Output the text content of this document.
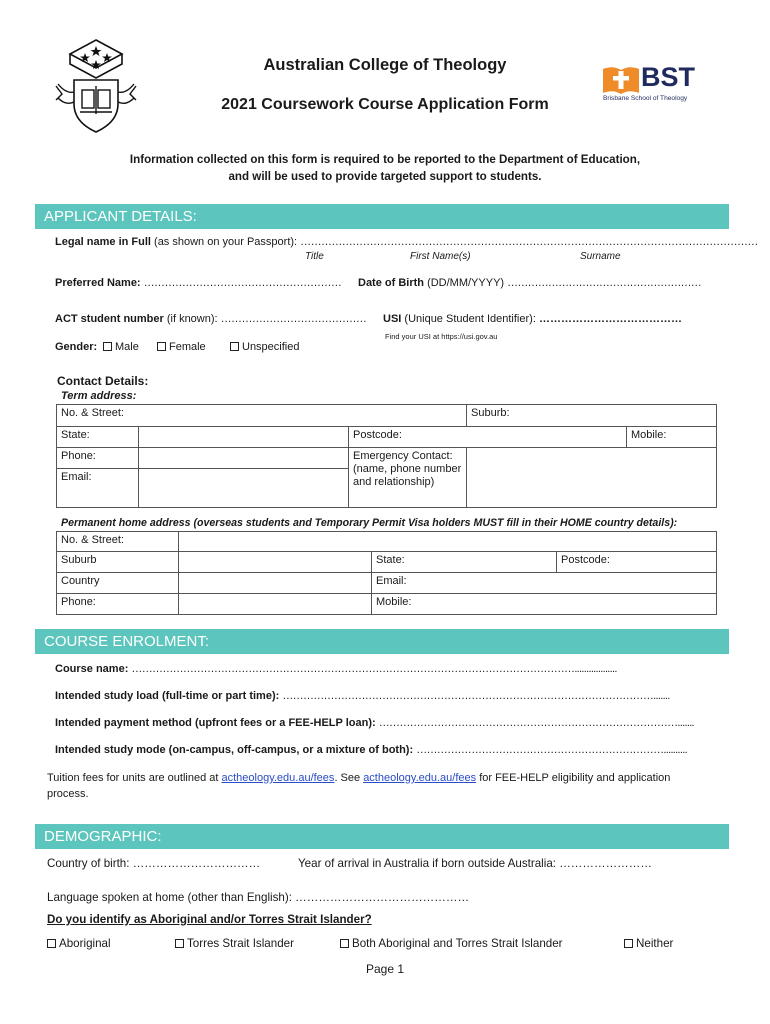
Australian College of Theology
2021 Coursework Course Application Form
BST
Brisbane School of Theology
Information collected on this form is required to be reported to the Department of Education,
and will be used to provide targeted support to students.
APPLICANT DETAILS:
Legal name in Full (as shown on your Passport): ……………………………………………………………………………………………………………………
Title	First Name(s)	Surname
Preferred Name: ………………………………………………… Date of Birth (DD/MM/YYYY) …………………………………………………
ACT student number (if known): …………………………………… USI (Unique Student Identifier): …………………………………
Find your USI at https://usi.gov.au
Gender:	Male	Female	Unspecified
Contact Details:
Term address:
No. & Street:			Suburb:	
State:		Postcode:		Mobile:
Phone:		Emergency Contact: (name, phone number and relationship)		
Email:				
Permanent home address (overseas students and Temporary Permit Visa holders MUST fill in their HOME country details):
No. & Street:			
Suburb		State:	Postcode:
Country		Email:	
Phone:		Mobile:	
COURSE ENROLMENT:
Course name: …………………………………………………………………………………………………………………..................
Intended study load (full-time or part time): ……………………………………………………………………………………………….......
Intended payment method (upfront fees or a FEE-HELP loan): …………………………………………………………………………….......
Intended study mode (on-campus, off-campus, or a mixture of both): ………………………………………………………………..........
Tuition fees for units are outlined at actheology.edu.au/fees. See actheology.edu.au/fees for FEE-HELP eligibility and application
process.
DEMOGRAPHIC:
Country of birth: ……………………………	Year of arrival in Australia if born outside Australia: ……………………
Language spoken at home (other than English): ………………………………………
Do you identify as Aboriginal and/or Torres Strait Islander?
Aboriginal	Torres Strait Islander	Both Aboriginal and Torres Strait Islander	Neither
Page 1
